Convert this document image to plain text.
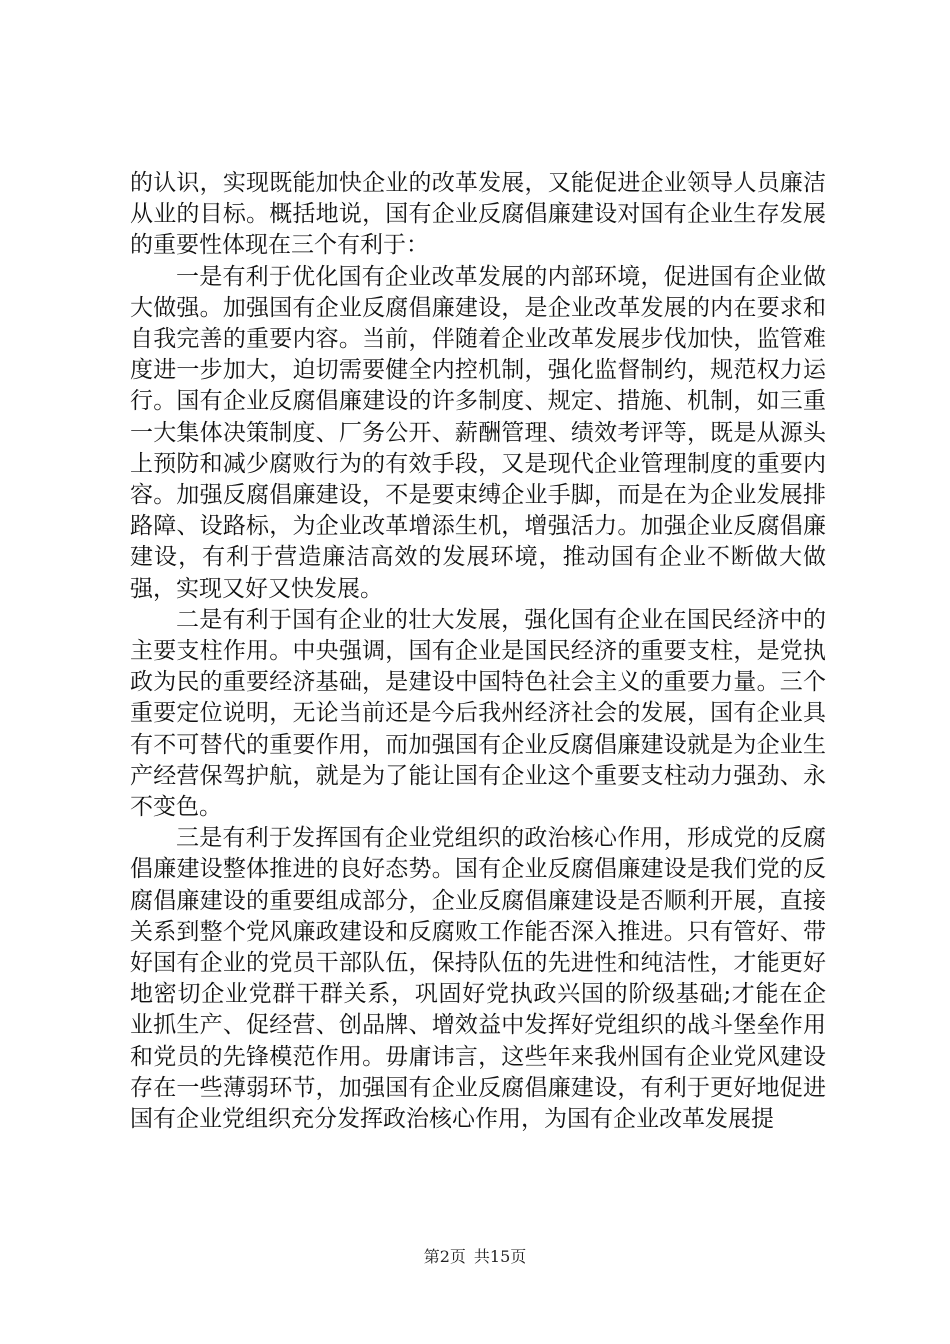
的认识，实现既能加快企业的改革发展，又能促进企业领导人员廉洁从业的目标。概括地说，国有企业反腐倡廉建设对国有企业生存发展的重要性体现在三个有利于：

一是有利于优化国有企业改革发展的内部环境，促进国有企业做大做强。加强国有企业反腐倡廉建设，是企业改革发展的内在要求和自我完善的重要内容。当前，伴随着企业改革发展步伐加快，监管难度进一步加大，迫切需要健全内控机制，强化监督制约，规范权力运行。国有企业反腐倡廉建设的许多制度、规定、措施、机制，如三重一大集体决策制度、厂务公开、薪酬管理、绩效考评等，既是从源头上预防和减少腐败行为的有效手段，又是现代企业管理制度的重要内容。加强反腐倡廉建设，不是要束缚企业手脚，而是在为企业发展排路障、设路标，为企业改革增添生机，增强活力。加强企业反腐倡廉建设，有利于营造廉洁高效的发展环境，推动国有企业不断做大做强，实现又好又快发展。

二是有利于国有企业的壮大发展，强化国有企业在国民经济中的主要支柱作用。中央强调，国有企业是国民经济的重要支柱，是党执政为民的重要经济基础，是建设中国特色社会主义的重要力量。三个重要定位说明，无论当前还是今后我州经济社会的发展，国有企业具有不可替代的重要作用，而加强国有企业反腐倡廉建设就是为企业生产经营保驾护航，就是为了能让国有企业这个重要支柱动力强劲、永不变色。

三是有利于发挥国有企业党组织的政治核心作用，形成党的反腐倡廉建设整体推进的良好态势。国有企业反腐倡廉建设是我们党的反腐倡廉建设的重要组成部分，企业反腐倡廉建设是否顺利开展，直接关系到整个党风廉政建设和反腐败工作能否深入推进。只有管好、带好国有企业的党员干部队伍，保持队伍的先进性和纯洁性，才能更好地密切企业党群干群关系，巩固好党执政兴国的阶级基础;才能在企业抓生产、促经营、创品牌、增效益中发挥好党组织的战斗堡垒作用和党员的先锋模范作用。毋庸讳言，这些年来我州国有企业党风建设存在一些薄弱环节，加强国有企业反腐倡廉建设，有利于更好地促进国有企业党组织充分发挥政治核心作用，为国有企业改革发展提

第2页 共15页
